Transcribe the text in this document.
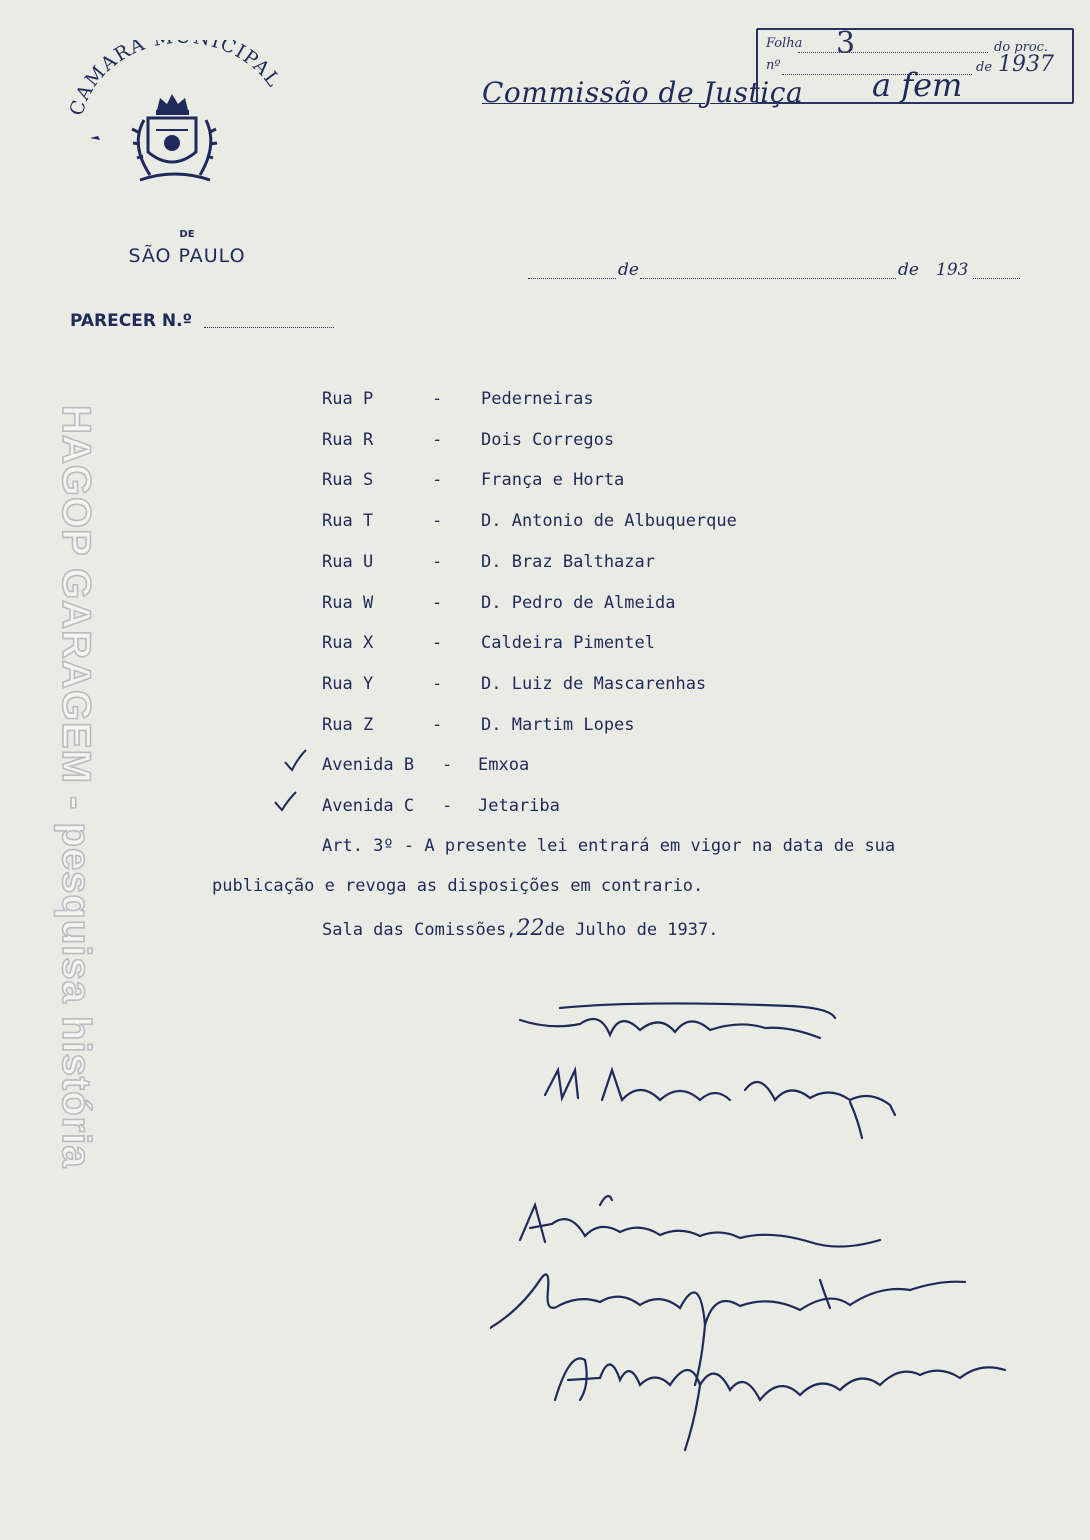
HAGOP GARAGEM - pesquisa história
CAMARA ICIPAL
DE
SÃO PAULO
Commissão de Justiça a fem
Folha 3
nº
do proc.
de 1937
de	de 193
PARECER N.º
Rua P	- Pederneiras
Rua R	- Dois Corregos
Rua S	- França e Horta
Rua T	- D. Antonio de Albuquerque
Rua U	- D. Braz Balthazar
Rua W	- D. Pedro de Almeida
Rua X	- Caldeira Pimentel
Rua Y	- D. Luiz de Mascarenhas
Rua Z	- D. Martim Lopes
Avenida B - Emxoa
Avenida C - Jetariba
Art. 3º - A presente lei entrará em vigor na data de sua
publicação e revoga as disposições em contrario.
Sala das Comissões,22de Julho de 1937.
